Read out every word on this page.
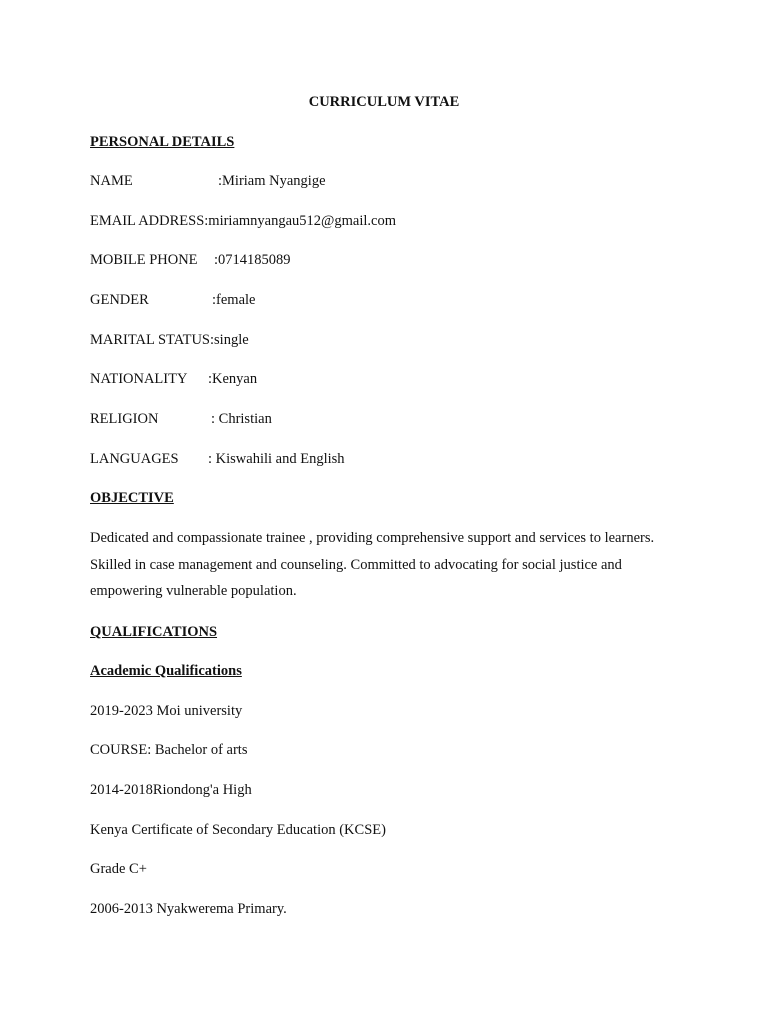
CURRICULUM VITAE
PERSONAL DETAILS
NAME	:Miriam Nyangige
EMAIL ADDRESS:miriamnyangau512@gmail.com
MOBILE PHONE :0714185089
GENDER	:female
MARITAL STATUS:single
NATIONALITY :Kenyan
RELIGION	: Christian
LANGUAGES : Kiswahili and English
OBJECTIVE
Dedicated and compassionate trainee , providing comprehensive support and services to learners.
Skilled in case management and counseling. Committed to advocating for social justice and
empowering vulnerable population.
QUALIFICATIONS
Academic Qualifications
2019-2023 Moi university
COURSE: Bachelor of arts
2014-2018Riondong'a High
Kenya Certificate of Secondary Education (KCSE)
Grade C+
2006-2013 Nyakwerema Primary.
